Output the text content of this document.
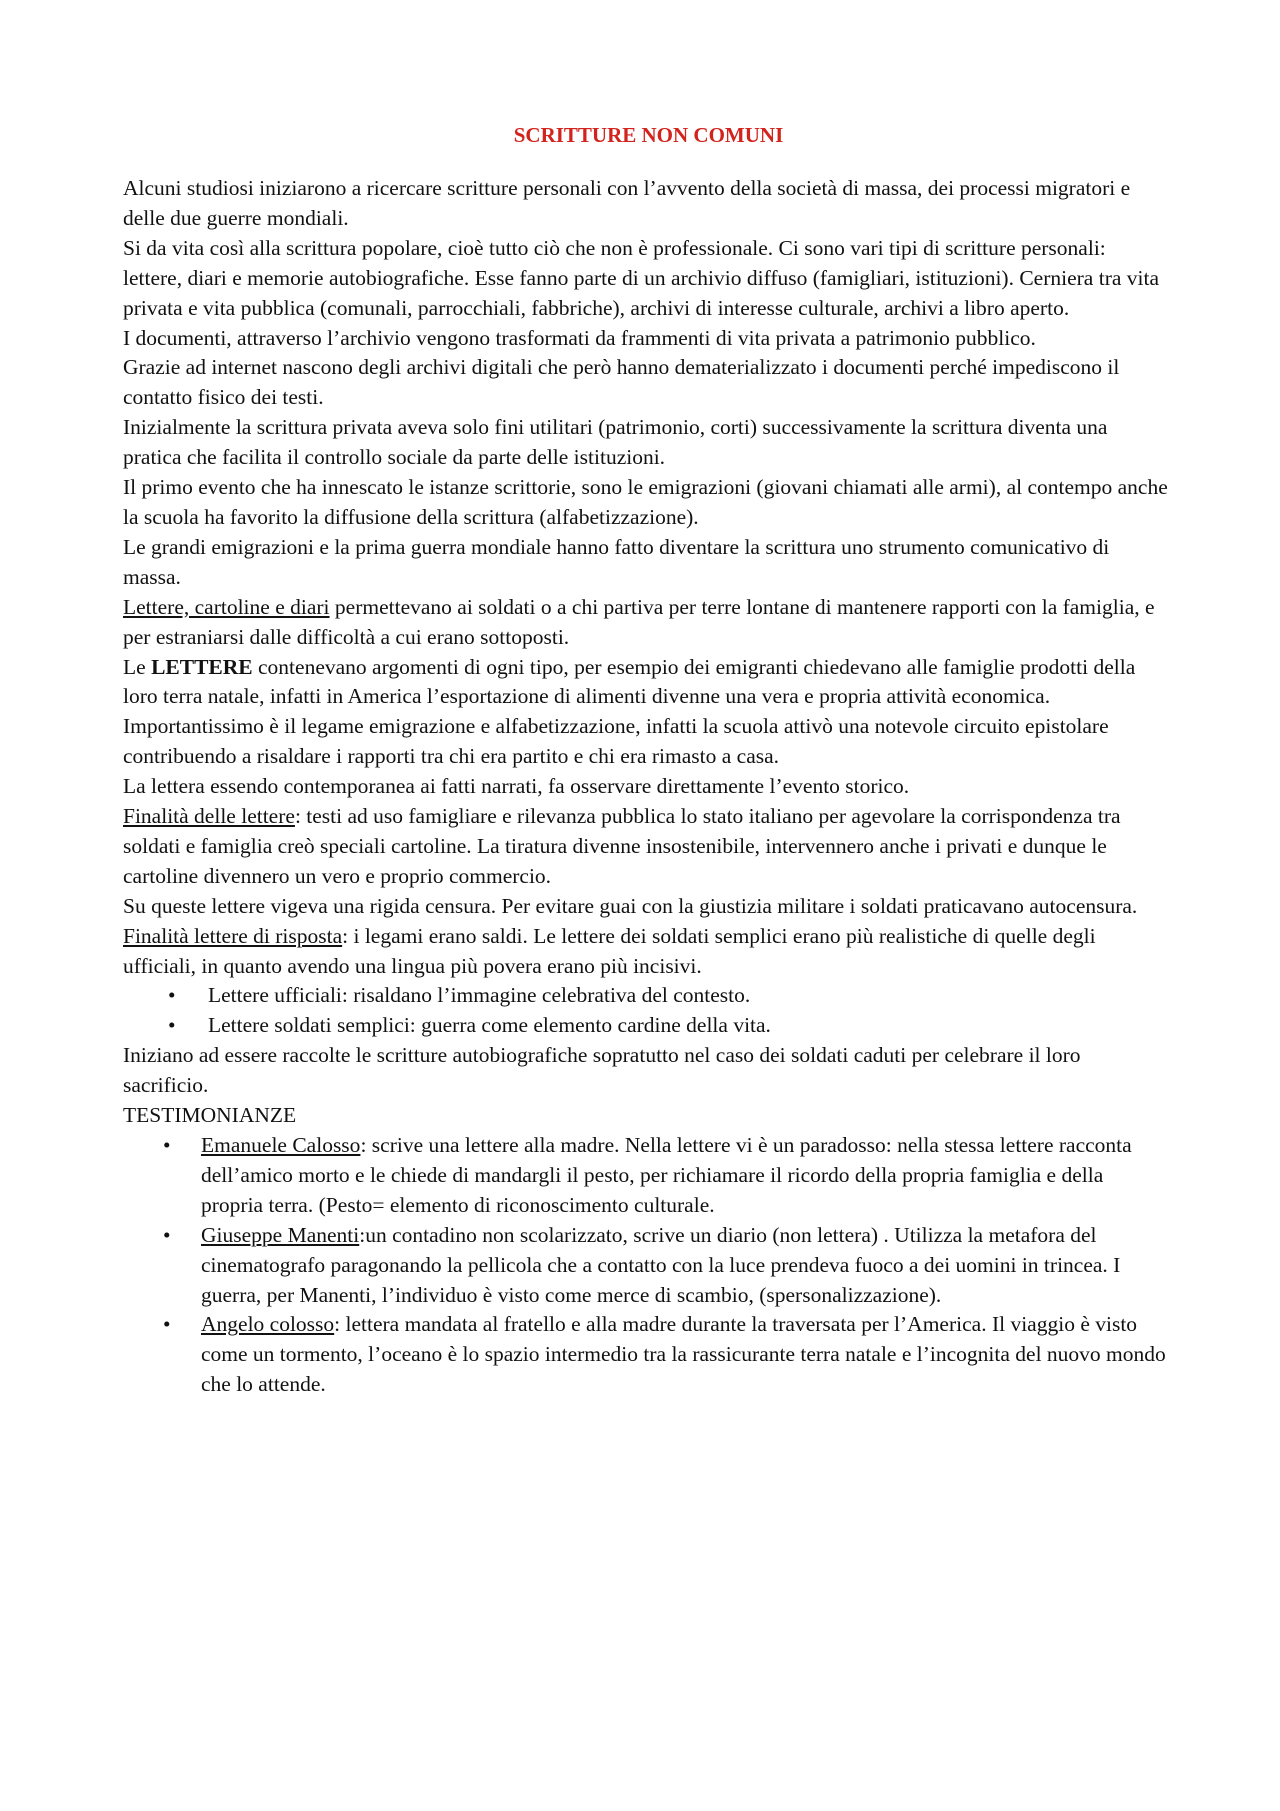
SCRITTURE NON COMUNI

Alcuni studiosi iniziarono a ricercare scritture personali con l’avvento della società di massa, dei processi migratori e delle due guerre mondiali.

Si da vita così alla scrittura popolare, cioè tutto ciò che non è professionale. Ci sono vari tipi di scritture personali: lettere, diari e memorie autobiografiche. Esse fanno parte di un archivio diffuso (famigliari, istituzioni). Cerniera tra vita privata e vita pubblica (comunali, parrocchiali, fabbriche), archivi di interesse culturale, archivi a libro aperto.

I documenti, attraverso l’archivio vengono trasformati da frammenti di vita privata a patrimonio pubblico.

Grazie ad internet nascono degli archivi digitali che però hanno dematerializzato i documenti perché impediscono il contatto fisico dei testi.

Inizialmente la scrittura privata aveva solo fini utilitari (patrimonio, corti) successivamente la scrittura diventa una pratica che facilita il controllo sociale da parte delle istituzioni.

Il primo evento che ha innescato le istanze scrittorie, sono le emigrazioni (giovani chiamati alle armi), al contempo anche la scuola ha favorito la diffusione della scrittura (alfabetizzazione).

Le grandi emigrazioni e la prima guerra mondiale hanno fatto diventare la scrittura uno strumento comunicativo di massa.

Lettere, cartoline e diari permettevano ai soldati o a chi partiva per terre lontane di mantenere rapporti con la famiglia, e per estraniarsi dalle difficoltà a cui erano sottoposti.

Le LETTERE contenevano argomenti di ogni tipo, per esempio dei emigranti chiedevano alle famiglie prodotti della loro terra natale, infatti in America l’esportazione di alimenti divenne una vera e propria attività economica. Importantissimo è il legame emigrazione e alfabetizzazione, infatti la scuola attivò una notevole circuito epistolare contribuendo a risaldare i rapporti tra chi era partito e chi era rimasto a casa.

La lettera essendo contemporanea ai fatti narrati, fa osservare direttamente l’evento storico.

Finalità delle lettere: testi ad uso famigliare e rilevanza pubblica lo stato italiano per agevolare la corrispondenza tra soldati e famiglia creò speciali cartoline. La tiratura divenne insostenibile, intervennero anche i privati e dunque le cartoline divennero un vero e proprio commercio.

Su queste lettere vigeva una rigida censura. Per evitare guai con la giustizia militare i soldati praticavano autocensura.

Finalità lettere di risposta: i legami erano saldi. Le lettere dei soldati semplici erano più realistiche di quelle degli ufficiali, in quanto avendo una lingua più povera erano più incisivi.

• Lettere ufficiali: risaldano l’immagine celebrativa del contesto.
• Lettere soldati semplici: guerra come elemento cardine della vita.

Iniziano ad essere raccolte le scritture autobiografiche sopratutto nel caso dei soldati caduti per celebrare il loro sacrificio.

TESTIMONIANZE

• Emanuele Calosso: scrive una lettere alla madre. Nella lettere vi è un paradosso: nella stessa lettere racconta dell’amico morto e le chiede di mandargli il pesto, per richiamare il ricordo della propria famiglia e della propria terra. (Pesto= elemento di riconoscimento culturale.
• Giuseppe Manenti:un contadino non scolarizzato, scrive un diario (non lettera) . Utilizza la metafora del cinematografo paragonando la pellicola che a contatto con la luce prendeva fuoco a dei uomini in trincea. I guerra, per Manenti, l’individuo è visto come merce di scambio, (spersonalizzazione).
• Angelo colosso: lettera mandata al fratello e alla madre durante la traversata per l’America. Il viaggio è visto come un tormento, l’oceano è lo spazio intermedio tra la rassicurante terra natale e l’incognita del nuovo mondo che lo attende.
